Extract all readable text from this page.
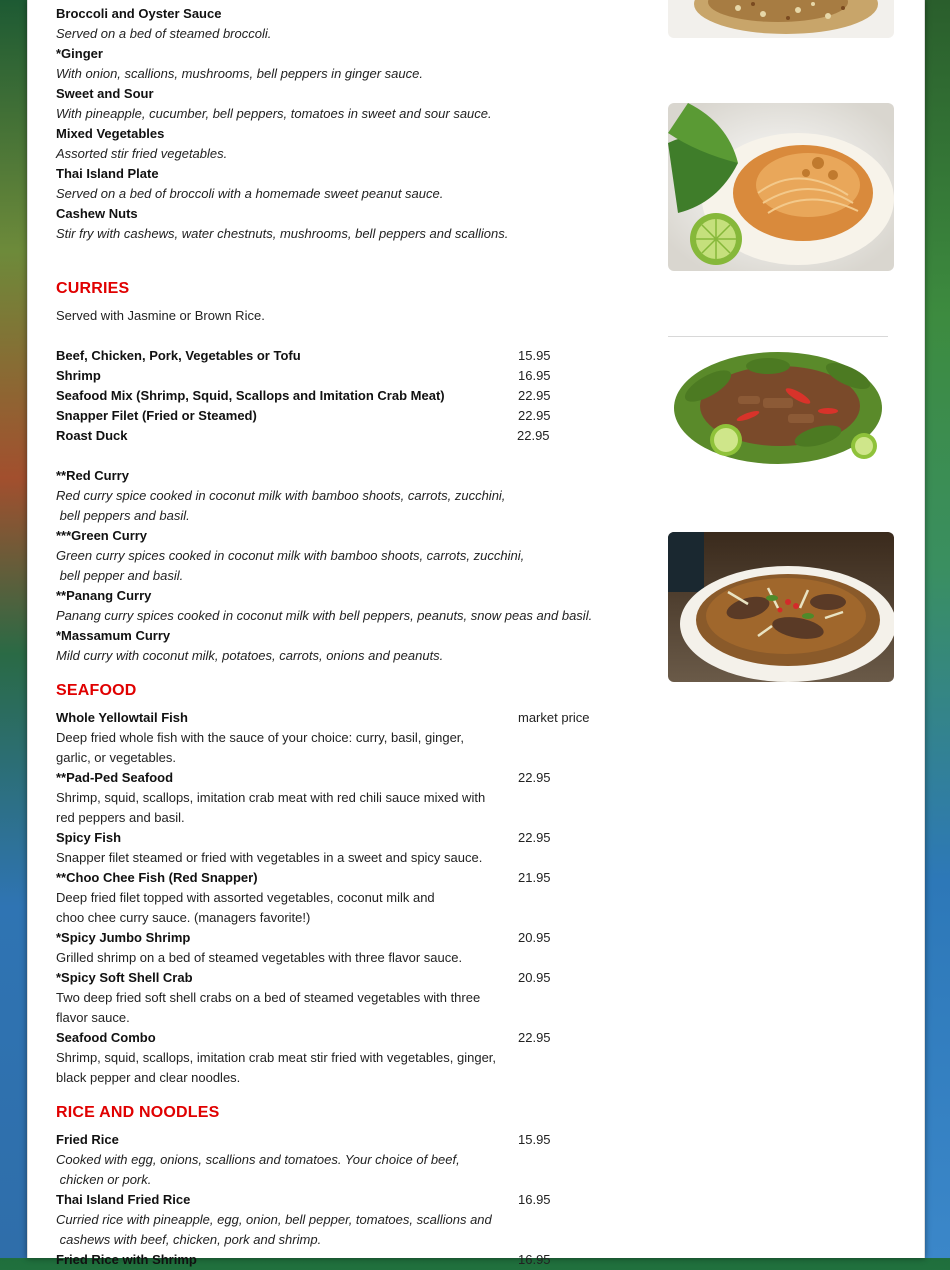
Broccoli and Oyster Sauce
Served on a bed of steamed broccoli.
*Ginger
With onion, scallions, mushrooms, bell peppers in ginger sauce.
Sweet and Sour
With pineapple, cucumber, bell peppers, tomatoes in sweet and sour sauce.
Mixed Vegetables
Assorted stir fried vegetables.
Thai Island Plate
Served on a bed of broccoli with a homemade sweet peanut sauce.
Cashew Nuts
Stir fry with cashews, water chestnuts, mushrooms, bell peppers and scallions.
CURRIES
Served with Jasmine or Brown Rice.
Beef, Chicken, Pork, Vegetables or Tofu	15.95
Shrimp	16.95
Seafood Mix (Shrimp, Squid, Scallops and Imitation Crab Meat)	22.95
Snapper Filet (Fried or Steamed)	22.95
Roast Duck	22.95
**Red Curry
Red curry spice cooked in coconut milk with bamboo shoots, carrots, zucchini,
bell peppers and basil.
***Green Curry
Green curry spices cooked in coconut milk with bamboo shoots, carrots, zucchini,
bell pepper and basil.
**Panang Curry
Panang curry spices cooked in coconut milk with bell peppers, peanuts, snow peas and basil.
*Massamum Curry
Mild curry with coconut milk, potatoes, carrots, onions and peanuts.
SEAFOOD
Whole Yellowtail Fish	market price
Deep fried whole fish with the sauce of your choice: curry, basil, ginger,
garlic, or vegetables.
**Pad-Ped Seafood	22.95
Shrimp, squid, scallops, imitation crab meat with red chili sauce mixed with
red peppers and basil.
Spicy Fish	22.95
Snapper filet steamed or fried with vegetables in a sweet and spicy sauce.
**Choo Chee Fish (Red Snapper)	21.95
Deep fried filet topped with assorted vegetables, coconut milk and
choo chee curry sauce. (managers favorite!)
*Spicy Jumbo Shrimp	20.95
Grilled shrimp on a bed of steamed vegetables with three flavor sauce.
*Spicy Soft Shell Crab	20.95
Two deep fried soft shell crabs on a bed of steamed vegetables with three
flavor sauce.
Seafood Combo	22.95
Shrimp, squid, scallops, imitation crab meat stir fried with vegetables, ginger,
black pepper and clear noodles.
RICE AND NOODLES
Fried Rice	15.95
Cooked with egg, onions, scallions and tomatoes. Your choice of beef,
chicken or pork.
Thai Island Fried Rice	16.95
Curried rice with pineapple, egg, onion, bell pepper, tomatoes, scallions and
cashews with beef, chicken, pork and shrimp.
Fried Rice with Shrimp	16.95
